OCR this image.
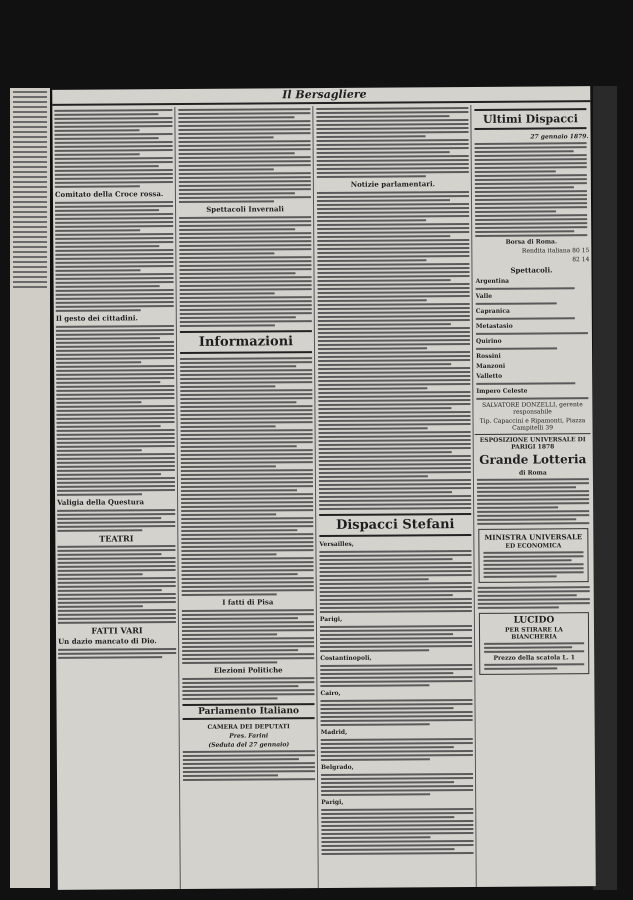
Il Bersagliere
Comitato della Croce rossa.
Il gesto dei cittadini.
Valigia della Questura
TEATRI
FATTI VARI
Un dazio mancato di Dio.
Spettacoli Invernali
Informazioni
I fatti di Pisa
Elezioni Politiche
Parlamento Italiano
CAMERA DEI DEPUTATI
Pres. Farini
(Seduta del 27 gennaio)
Notizie parlamentari.
Dispacci Stefani
Versailles,
Parigi,
Costantinopoli,
Cairo,
Madrid,
Belgrado,
Parigi,
Ultimi Dispacci
27 gennaio 1879.
Borsa di Roma.
Rendita italiana 80 15
82 14
Spettacoli.
Argentina
Valle
Capranica
Metastasio
Quirino
Rossini
Manzoni
Valletto
Impero Celeste
SALVATORE DONZELLI, gerente responsabile
Tip. Capaccini e Ripamonti, Piazza Campitelli 39
ESPOSIZIONE UNIVERSALE DI PARIGI 1878
Grande Lotteria
di Roma
MINISTRA UNIVERSALE
ED ECONOMICA
LUCIDO
PER STIRARE LA BIANCHERIA
Prezzo della scatola L. 1
